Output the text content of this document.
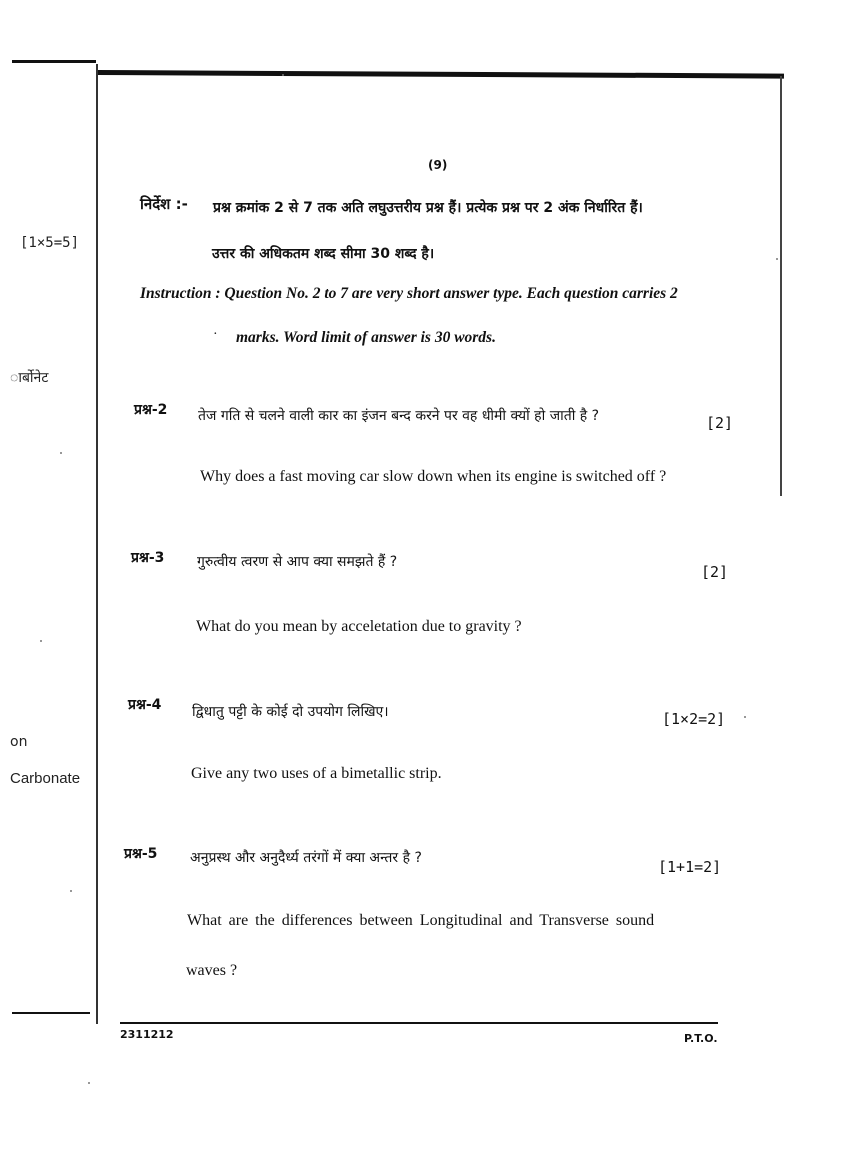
[1×5=5]
ार्बोनेट
on
Carbonate
(9)
निर्देश :- प्रश्न क्रमांक 2 से 7 तक अति लघुउत्तरीय प्रश्न हैं। प्रत्येक प्रश्न पर 2 अंक निर्धारित हैं।
उत्तर की अधिकतम शब्द सीमा 30 शब्द है।
Instruction : Question No. 2 to 7 are very short answer type. Each question carries 2
· marks. Word limit of answer is 30 words.
प्रश्न-2 तेज गति से चलने वाली कार का इंजन बन्द करने पर वह धीमी क्यों हो जाती है ?	[2]
Why does a fast moving car slow down when its engine is switched off ?
प्रश्न-3 गुरुत्वीय त्वरण से आप क्या समझते हैं ?
[2]
What do you mean by acceletation due to gravity ?
प्रश्न-4 द्विधातु पट्टी के कोई दो उपयोग लिखिए।	[1×2=2]
Give any two uses of a bimetallic strip.
प्रश्न-5 अनुप्रस्थ और अनुदैर्ध्य तरंगों में क्या अन्तर है ?	[1+1=2]
What are the differences between Longitudinal and Transverse sound
waves ?
2311212	P.T.O.
